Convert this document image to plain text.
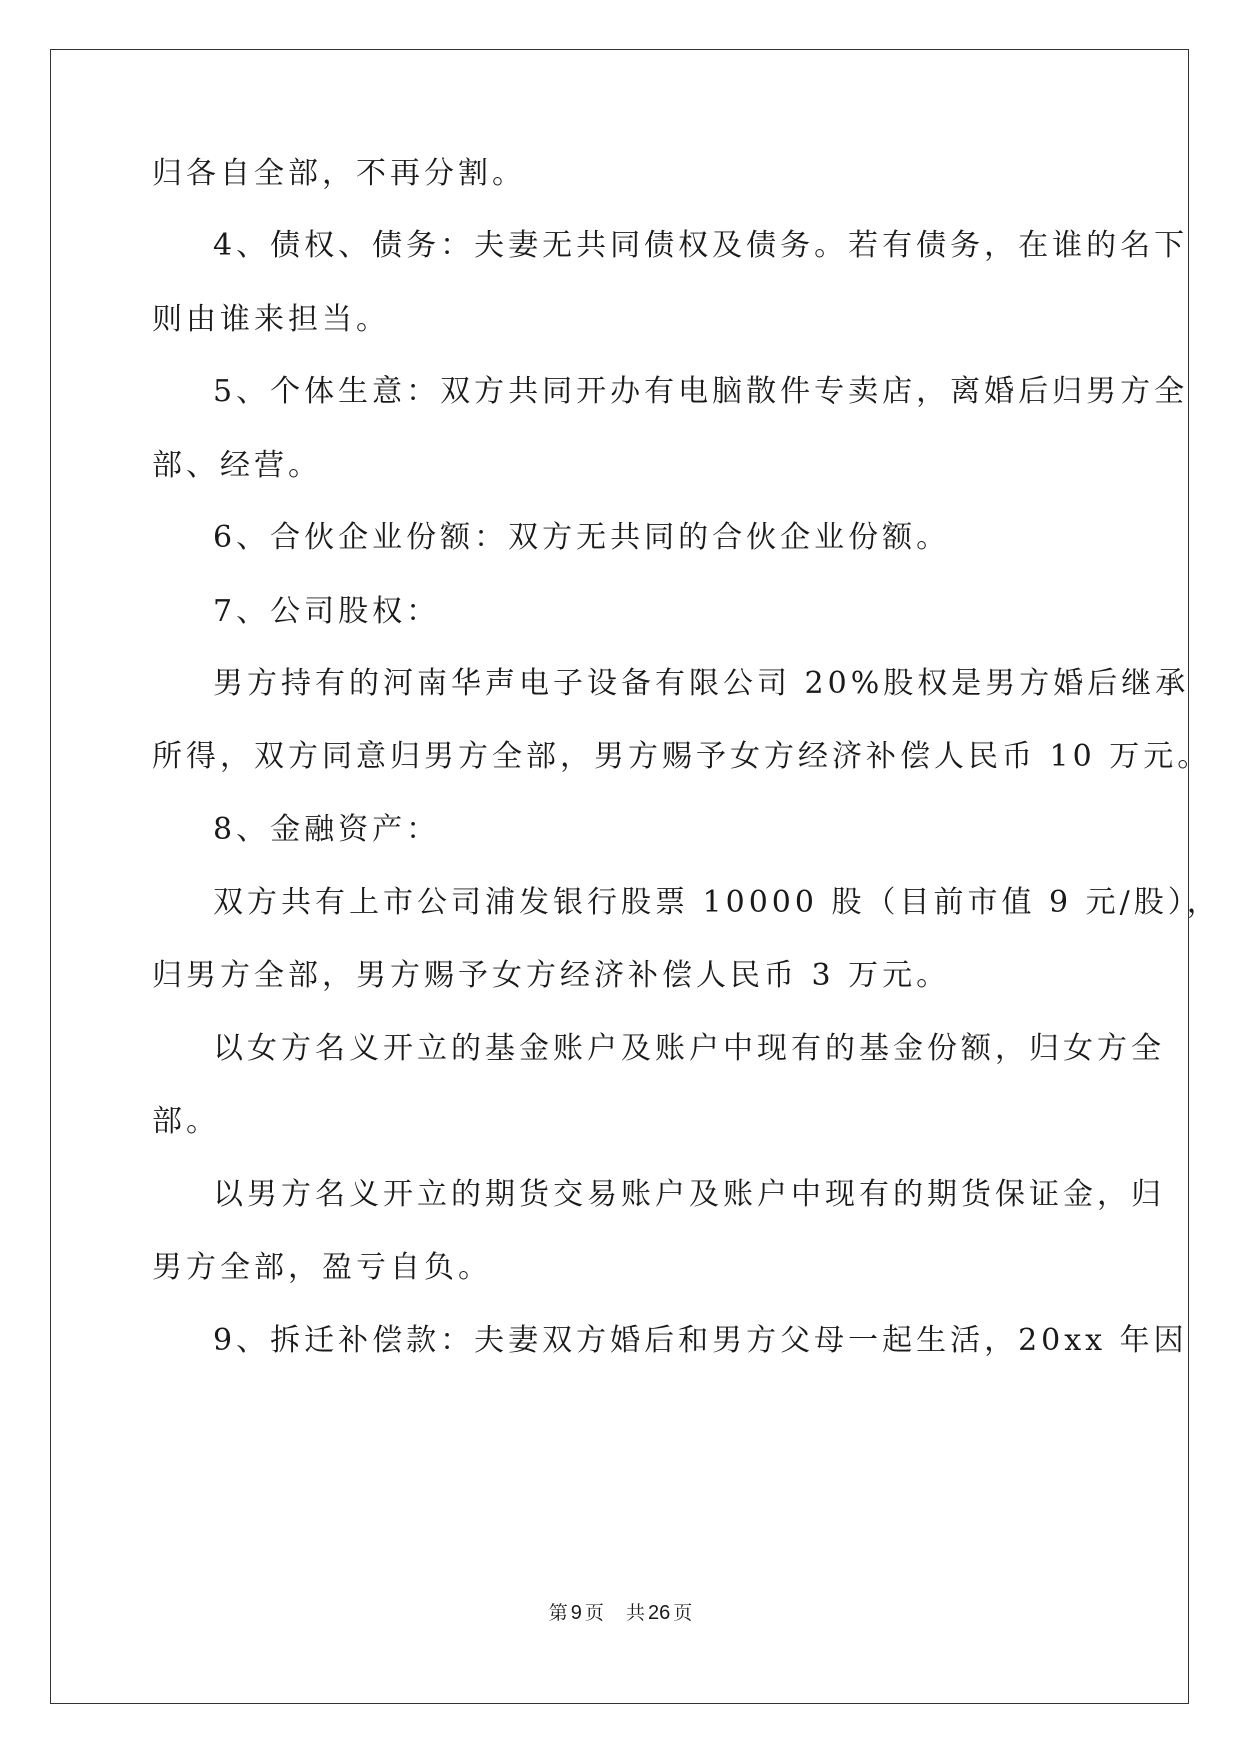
归各自全部，不再分割。

4、债权、债务：夫妻无共同债权及债务。若有债务，在谁的名下

则由谁来担当。

5、个体生意：双方共同开办有电脑散件专卖店，离婚后归男方全

部、经营。

6、合伙企业份额：双方无共同的合伙企业份额。

7、公司股权：

男方持有的河南华声电子设备有限公司 20%股权是男方婚后继承

所得，双方同意归男方全部，男方赐予女方经济补偿人民币 10 万元。

8、金融资产：

双方共有上市公司浦发银行股票 10000 股（目前市值 9 元/股），

归男方全部，男方赐予女方经济补偿人民币 3 万元。

以女方名义开立的基金账户及账户中现有的基金份额，归女方全

部。

以男方名义开立的期货交易账户及账户中现有的期货保证金，归

男方全部，盈亏自负。

9、拆迁补偿款：夫妻双方婚后和男方父母一起生活，20xx 年因

第 9 页 共 26 页
